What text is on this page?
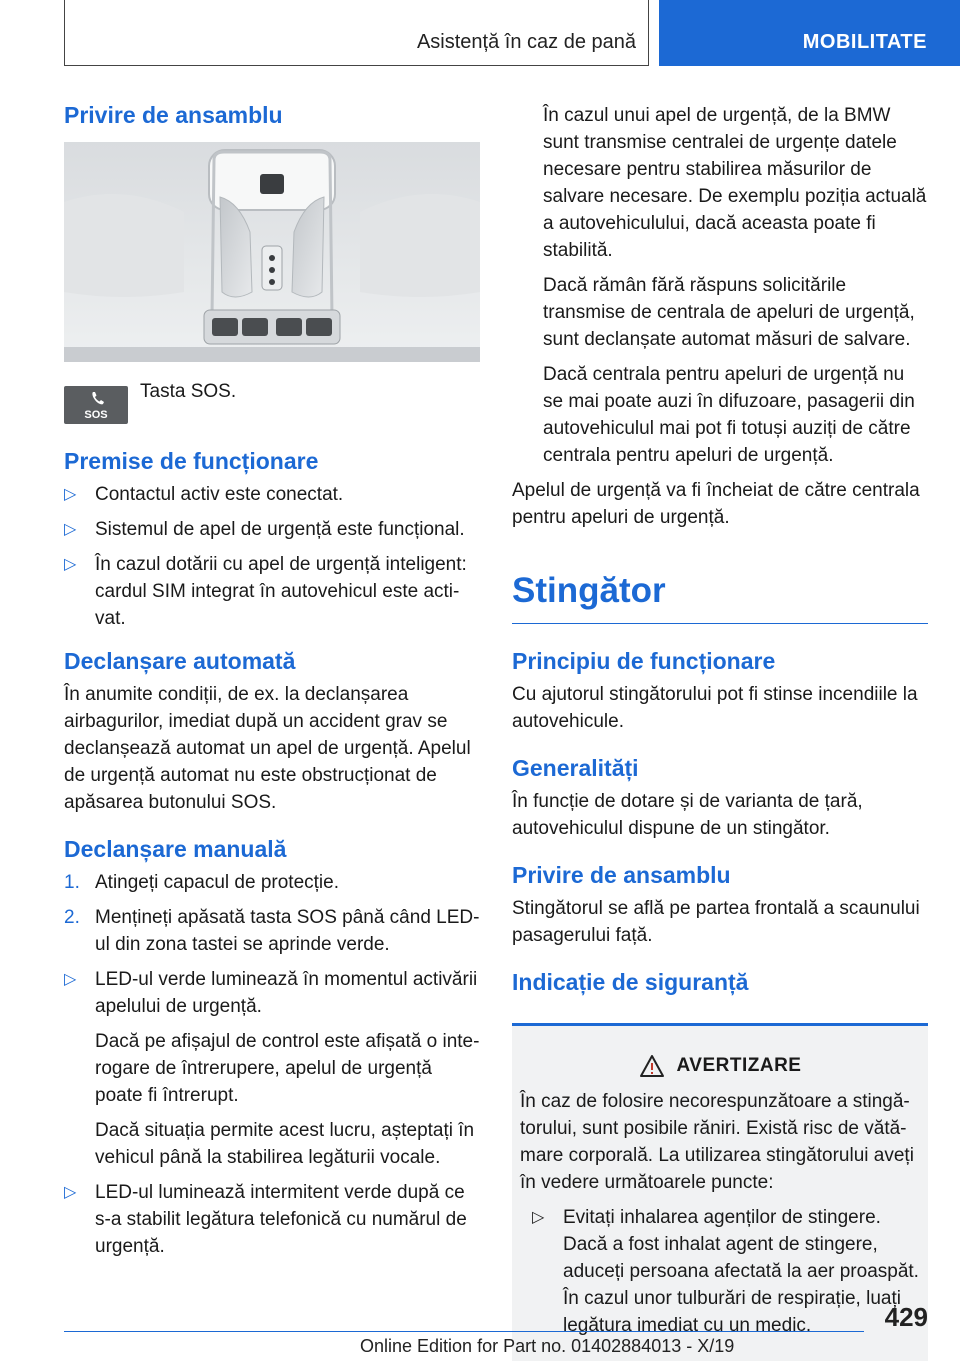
Asistență în caz de pană	MOBILITATE
Privire de ansamblu
SOS

Tasta SOS.

Premise de funcționare
▷ Contactul activ este conectat.
▷ Sistemul de apel de urgență este funcțional.
▷ În cazul dotării cu apel de urgență inteligent: cardul SIM integrat în autovehicul este activat.
Declanșare automată

În anumite condiții, de ex. la declanșarea airbagurilor, imediat după un accident grav se declanșează automat un apel de urgență. Apelul de urgență automat nu este obstrucționat de apăsarea butonului SOS.

Declanșare manuală
1. Atingeți capacul de protecție.
2. Mențineți apăsată tasta SOS până când LED-ul din zona tastei se aprinde verde.
▷ LED-ul verde luminează în momentul activării apelului de urgență.
Dacă pe afișajul de control este afișată o interogare de întrerupere, apelul de urgență poate fi întrerupt.
Dacă situația permite acest lucru, așteptați în vehicul până la stabilirea legăturii vocale.
▷ LED-ul luminează intermitent verde după ce s-a stabilit legătura telefonică cu numărul de urgență.

În cazul unui apel de urgență, de la BMW sunt transmise centralei de urgențe datele necesare pentru stabilirea măsurilor de salvare necesare. De exemplu poziția actuală a autovehiculului, dacă aceasta poate fi stabilită.

Dacă rămân fără răspuns solicitările transmise de centrala de apeluri de urgență, sunt declanșate automat măsuri de salvare.

Dacă centrala pentru apeluri de urgență nu se mai poate auzi în difuzoare, pasagerii din autovehiculul mai pot fi totuși auziți de către centrala pentru apeluri de urgență.

Apelul de urgență va fi încheiat de către centrala pentru apeluri de urgență.

Stingător
Principiu de funcționare

Cu ajutorul stingătorului pot fi stinse incendiile la autovehicule.

Generalități

În funcție de dotare și de varianta de țară, autovehiculul dispune de un stingător.

Privire de ansamblu

Stingătorul se află pe partea frontală a scaunului pasagerului față.

Indicație de siguranță
AVERTIZARE

În caz de folosire necorespunzătoare a stingătorului, sunt posibile răniri. Există risc de vătămare corporală. La utilizarea stingătorului aveți în vedere următoarele puncte:

▷ Evitați inhalarea agenților de stingere. Dacă a fost inhalat agent de stingere, aduceți persoana afectată la aer proaspăt. În cazul unor tulburări de respirație, luați legătura imediat cu un medic.	429
Online Edition for Part no. 01402884013 - X/19
